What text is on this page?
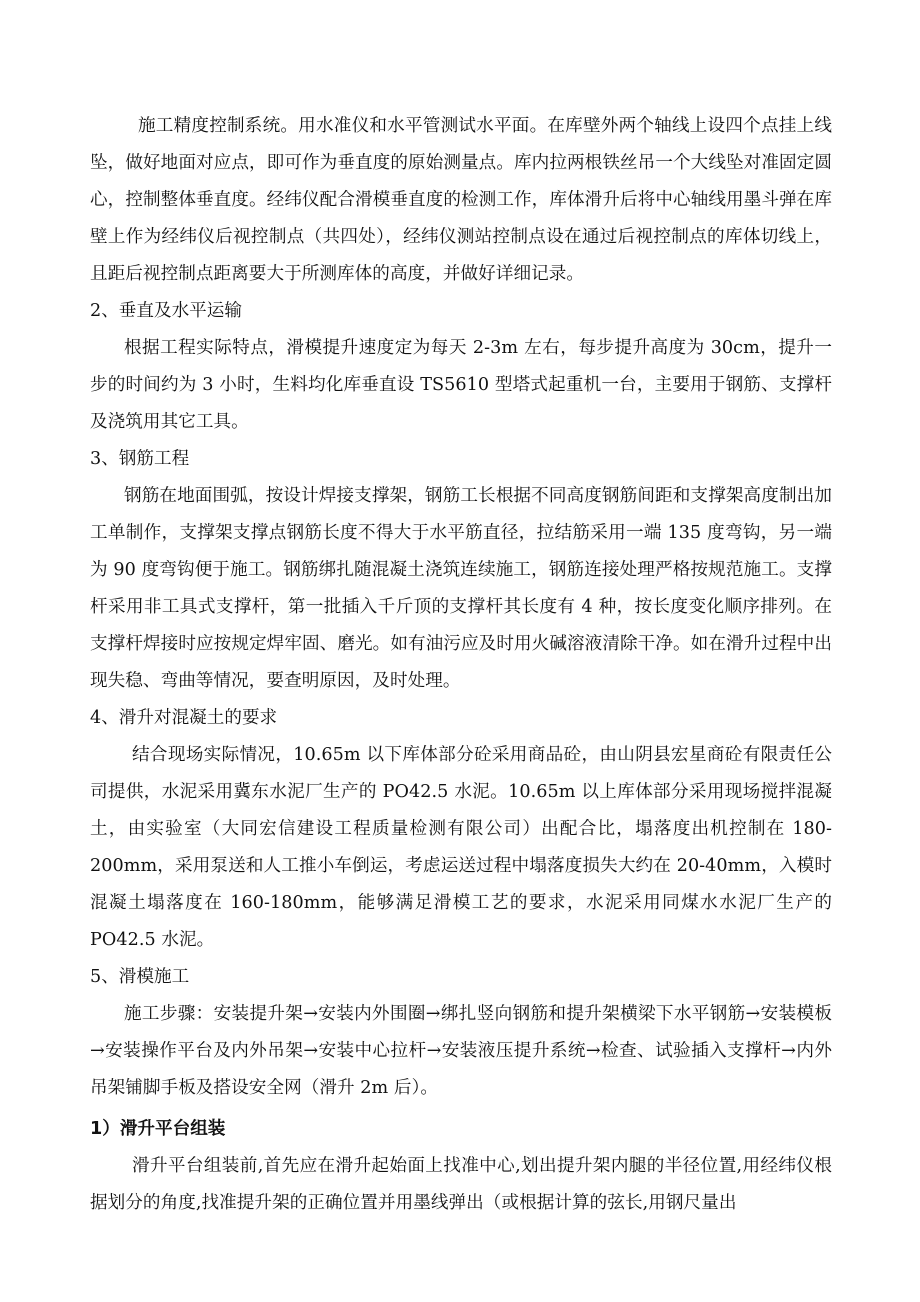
施工精度控制系统。用水准仪和水平管测试水平面。在库壁外两个轴线上设四个点挂上线坠，做好地面对应点，即可作为垂直度的原始测量点。库内拉两根铁丝吊一个大线坠对准固定圆心，控制整体垂直度。经纬仪配合滑模垂直度的检测工作，库体滑升后将中心轴线用墨斗弹在库壁上作为经纬仪后视控制点（共四处），经纬仪测站控制点设在通过后视控制点的库体切线上，且距后视控制点距离要大于所测库体的高度，并做好详细记录。

2、垂直及水平运输

根据工程实际特点，滑模提升速度定为每天 2-3m 左右，每步提升高度为 30cm，提升一步的时间约为 3 小时，生料均化库垂直设 TS5610 型塔式起重机一台，主要用于钢筋、支撑杆及浇筑用其它工具。

3、钢筋工程

钢筋在地面围弧，按设计焊接支撑架，钢筋工长根据不同高度钢筋间距和支撑架高度制出加工单制作，支撑架支撑点钢筋长度不得大于水平筋直径，拉结筋采用一端 135 度弯钩，另一端为 90 度弯钩便于施工。钢筋绑扎随混凝土浇筑连续施工，钢筋连接处理严格按规范施工。支撑杆采用非工具式支撑杆，第一批插入千斤顶的支撑杆其长度有 4 种，按长度变化顺序排列。在支撑杆焊接时应按规定焊牢固、磨光。如有油污应及时用火碱溶液清除干净。如在滑升过程中出现失稳、弯曲等情况，要查明原因，及时处理。

4、滑升对混凝土的要求

结合现场实际情况，10.65m 以下库体部分砼采用商品砼，由山阴县宏星商砼有限责任公司提供，水泥采用冀东水泥厂生产的 PO42.5 水泥。10.65m 以上库体部分采用现场搅拌混凝土，由实验室（大同宏信建设工程质量检测有限公司）出配合比，塌落度出机控制在 180-200mm，采用泵送和人工推小车倒运，考虑运送过程中塌落度损失大约在 20-40mm，入模时混凝土塌落度在 160-180mm，能够满足滑模工艺的要求，水泥采用同煤水水泥厂生产的 PO42.5 水泥。

5、滑模施工

施工步骤：安装提升架→安装内外围圈→绑扎竖向钢筋和提升架横梁下水平钢筋→安装模板→安装操作平台及内外吊架→安装中心拉杆→安装液压提升系统→检查、试验插入支撑杆→内外吊架铺脚手板及搭设安全网（滑升 2m 后）。

1）滑升平台组装

滑升平台组装前,首先应在滑升起始面上找准中心,划出提升架内腿的半径位置,用经纬仪根据划分的角度,找准提升架的正确位置并用墨线弹出（或根据计算的弦长,用钢尺量出
